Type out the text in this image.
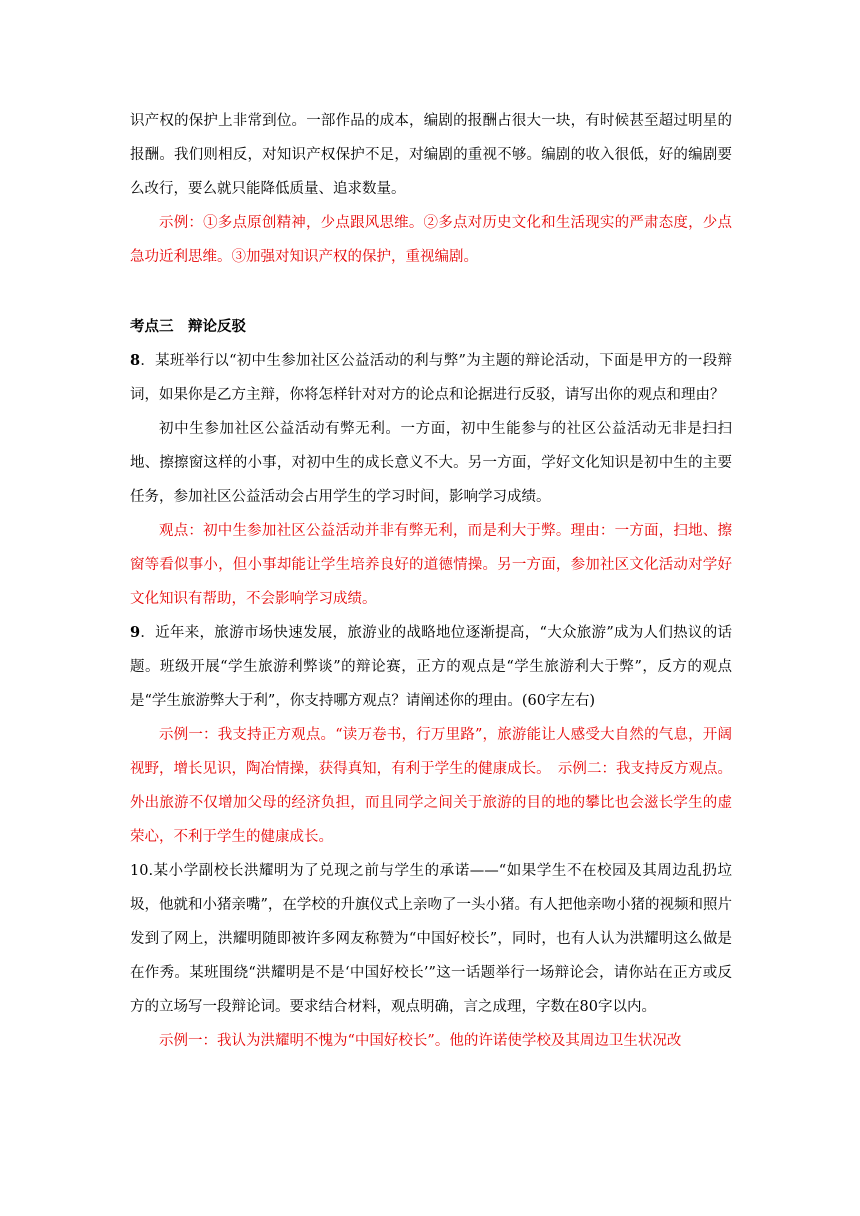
识产权的保护上非常到位。一部作品的成本，编剧的报酬占很大一块，有时候甚至超过明星的报酬。我们则相反，对知识产权保护不足，对编剧的重视不够。编剧的收入很低，好的编剧要么改行，要么就只能降低质量、追求数量。

示例：①多点原创精神，少点跟风思维。②多点对历史文化和生活现实的严肃态度，少点急功近利思维。③加强对知识产权的保护，重视编剧。

考点三　辩论反驳

8．某班举行以“初中生参加社区公益活动的利与弊”为主题的辩论活动，下面是甲方的一段辩词，如果你是乙方主辩，你将怎样针对对方的论点和论据进行反驳，请写出你的观点和理由？

初中生参加社区公益活动有弊无利。一方面，初中生能参与的社区公益活动无非是扫扫地、擦擦窗这样的小事，对初中生的成长意义不大。另一方面，学好文化知识是初中生的主要任务，参加社区公益活动会占用学生的学习时间，影响学习成绩。

观点：初中生参加社区公益活动并非有弊无利，而是利大于弊。理由：一方面，扫地、擦窗等看似事小，但小事却能让学生培养良好的道德情操。另一方面，参加社区文化活动对学好文化知识有帮助，不会影响学习成绩。

9．近年来，旅游市场快速发展，旅游业的战略地位逐渐提高，“大众旅游”成为人们热议的话题。班级开展“学生旅游利弊谈”的辩论赛，正方的观点是“学生旅游利大于弊”，反方的观点是“学生旅游弊大于利”，你支持哪方观点？请阐述你的理由。(60字左右)

示例一：我支持正方观点。“读万卷书，行万里路”，旅游能让人感受大自然的气息，开阔视野，增长见识，陶冶情操，获得真知，有利于学生的健康成长。　示例二：我支持反方观点。外出旅游不仅增加父母的经济负担，而且同学之间关于旅游的目的地的攀比也会滋长学生的虚荣心，不利于学生的健康成长。

10.某小学副校长洪耀明为了兑现之前与学生的承诺——“如果学生不在校园及其周边乱扔垃圾，他就和小猪亲嘴”，在学校的升旗仪式上亲吻了一头小猪。有人把他亲吻小猪的视频和照片发到了网上，洪耀明随即被许多网友称赞为“中国好校长”，同时，也有人认为洪耀明这么做是在作秀。某班围绕“洪耀明是不是‘中国好校长’”这一话题举行一场辩论会，请你站在正方或反方的立场写一段辩论词。要求结合材料，观点明确，言之成理，字数在80字以内。

示例一：我认为洪耀明不愧为“中国好校长”。他的许诺使学校及其周边卫生状况改
